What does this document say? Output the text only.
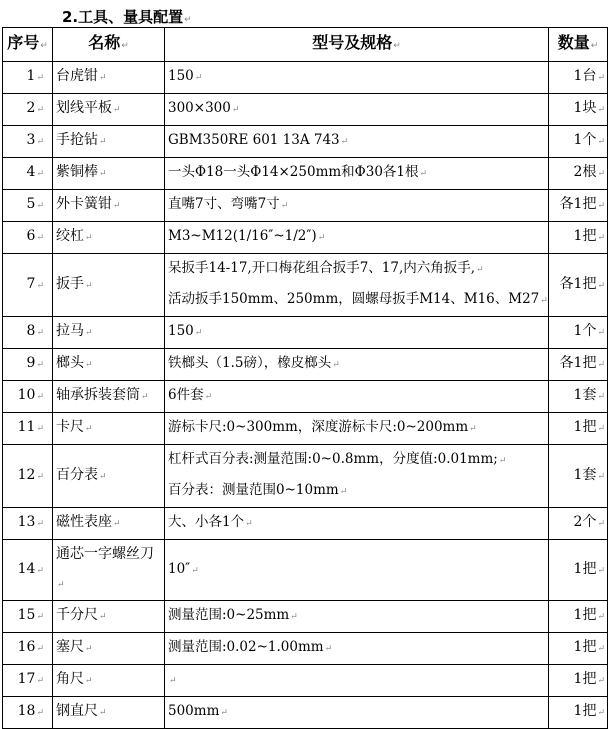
2.工具、量具配置 ↵
序号 ↵	名称 ↵	型号及规格 ↵	数量 ↵
1 ↵	台虎钳 ↵	150 ↵	1台 ↵
2 ↵	划线平板 ↵	300×300 ↵	1块 ↵
3 ↵	手抢钻 ↵	GBM350RE 601 13A 743 ↵	1个 ↵
4 ↵	紫铜棒 ↵	一头Φ18一头Φ14×250mm和Φ30各1根 ↵	2根 ↵
5 ↵	外卡簧钳 ↵	直嘴7寸、弯嘴7寸 ↵	各1把 ↵
6 ↵	绞杠 ↵	M3~M12(1/16″~1/2″) ↵	1把 ↵
7 ↵	扳手 ↵	呆扳手14-17,开口梅花组合扳手7、17,内六角扳手, ↵
活动扳手150mm、250mm，圆螺母扳手M14、M16、M27 ↵	各1把 ↵
8 ↵	拉马 ↵	150 ↵	1个 ↵
9 ↵	榔头 ↵	铁榔头（1.5磅），橡皮榔头 ↵	各1把 ↵
10 ↵	轴承拆装套筒 ↵	6件套 ↵	1套 ↵
11 ↵	卡尺 ↵	游标卡尺:0~300mm，深度游标卡尺:0~200mm ↵	1把 ↵
12 ↵	百分表 ↵	杠杆式百分表:测量范围:0~0.8mm，分度值:0.01mm; ↵
百分表：测量范围0~10mm ↵	1套 ↵
13 ↵	磁性表座 ↵	大、小各1个 ↵	2个 ↵
14 ↵	通芯一字螺丝刀 ↵	10″ ↵	1把 ↵
15 ↵	千分尺 ↵	测量范围:0~25mm ↵	1把 ↵
16 ↵	塞尺 ↵	测量范围:0.02~1.00mm ↵	1把 ↵
17 ↵	角尺 ↵	↵	1把 ↵
18 ↵	钢直尺 ↵	500mm ↵	1把 ↵
